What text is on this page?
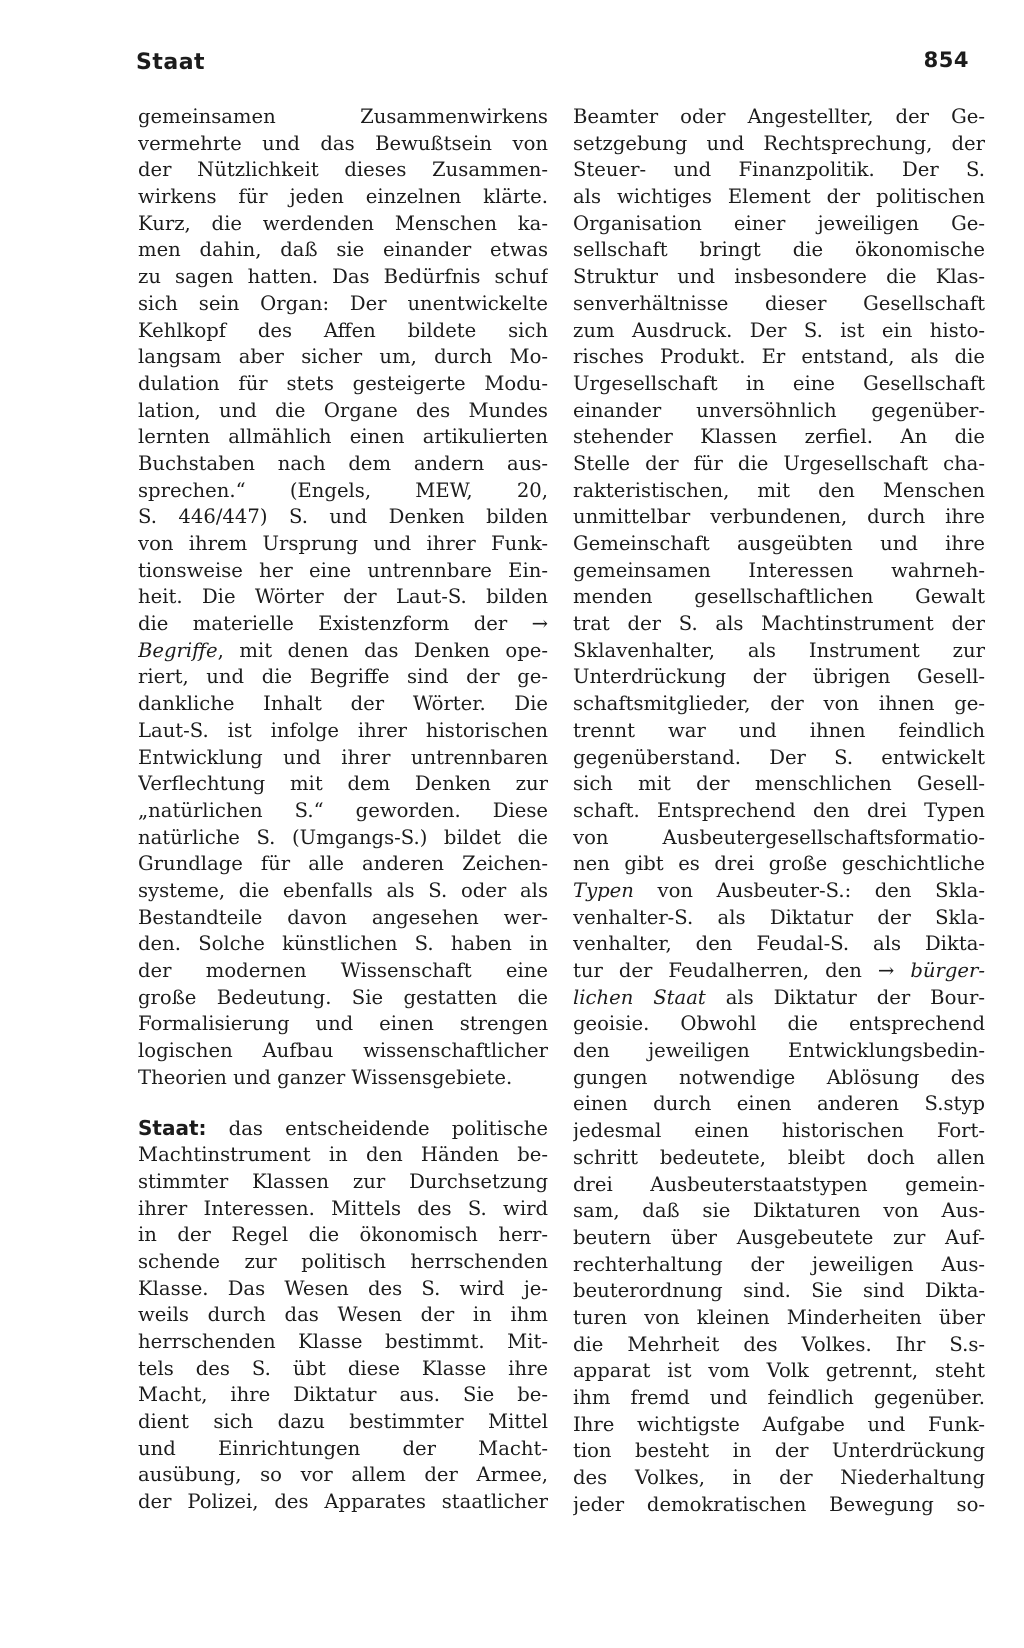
Staat	854
gemeinsamen Zusammenwirkens
vermehrte und das Bewußtsein von
der Nützlichkeit dieses Zusammen-
wirkens für jeden einzelnen klärte.
Kurz, die werdenden Menschen ka-
men dahin, daß sie einander etwas
zu sagen hatten. Das Bedürfnis schuf
sich sein Organ: Der unentwickelte
Kehlkopf des Affen bildete sich
langsam aber sicher um, durch Mo-
dulation für stets gesteigerte Modu-
lation, und die Organe des Mundes
lernten allmählich einen artikulierten
Buchstaben nach dem andern aus-
sprechen.“ (Engels, MEW, 20,
S. 446/447) S. und Denken bilden
von ihrem Ursprung und ihrer Funk-
tionsweise her eine untrennbare Ein-
heit. Die Wörter der Laut-S. bilden
die materielle Existenzform der →
Begriffe, mit denen das Denken ope-
riert, und die Begriffe sind der ge-
dankliche Inhalt der Wörter. Die
Laut-S. ist infolge ihrer historischen
Entwicklung und ihrer untrennbaren
Verflechtung mit dem Denken zur
„natürlichen S.“ geworden. Diese
natürliche S. (Umgangs-S.) bildet die
Grundlage für alle anderen Zeichen-
systeme, die ebenfalls als S. oder als
Bestandteile davon angesehen wer-
den. Solche künstlichen S. haben in
der modernen Wissenschaft eine
große Bedeutung. Sie gestatten die
Formalisierung und einen strengen
logischen Aufbau wissenschaftlicher
Theorien und ganzer Wissensgebiete.
Staat: das entscheidende politische
Machtinstrument in den Händen be-
stimmter Klassen zur Durchsetzung
ihrer Interessen. Mittels des S. wird
in der Regel die ökonomisch herr-
schende zur politisch herrschenden
Klasse. Das Wesen des S. wird je-
weils durch das Wesen der in ihm
herrschenden Klasse bestimmt. Mit-
tels des S. übt diese Klasse ihre
Macht, ihre Diktatur aus. Sie be-
dient sich dazu bestimmter Mittel
und Einrichtungen der Macht-
ausübung, so vor allem der Armee,
der Polizei, des Apparates staatlicher
Beamter oder Angestellter, der Ge-
setzgebung und Rechtsprechung, der
Steuer- und Finanzpolitik. Der S.
als wichtiges Element der politischen
Organisation einer jeweiligen Ge-
sellschaft bringt die ökonomische
Struktur und insbesondere die Klas-
senverhältnisse dieser Gesellschaft
zum Ausdruck. Der S. ist ein histo-
risches Produkt. Er entstand, als die
Urgesellschaft in eine Gesellschaft
einander unversöhnlich gegenüber-
stehender Klassen zerfiel. An die
Stelle der für die Urgesellschaft cha-
rakteristischen, mit den Menschen
unmittelbar verbundenen, durch ihre
Gemeinschaft ausgeübten und ihre
gemeinsamen Interessen wahrneh-
menden gesellschaftlichen Gewalt
trat der S. als Machtinstrument der
Sklavenhalter, als Instrument zur
Unterdrückung der übrigen Gesell-
schaftsmitglieder, der von ihnen ge-
trennt war und ihnen feindlich
gegenüberstand. Der S. entwickelt
sich mit der menschlichen Gesell-
schaft. Entsprechend den drei Typen
von Ausbeutergesellschaftsformatio-
nen gibt es drei große geschichtliche
Typen von Ausbeuter-S.: den Skla-
venhalter-S. als Diktatur der Skla-
venhalter, den Feudal-S. als Dikta-
tur der Feudalherren, den → bürger-
lichen Staat als Diktatur der Bour-
geoisie. Obwohl die entsprechend
den jeweiligen Entwicklungsbedin-
gungen notwendige Ablösung des
einen durch einen anderen S.styp
jedesmal einen historischen Fort-
schritt bedeutete, bleibt doch allen
drei Ausbeuterstaatstypen gemein-
sam, daß sie Diktaturen von Aus-
beutern über Ausgebeutete zur Auf-
rechterhaltung der jeweiligen Aus-
beuterordnung sind. Sie sind Dikta-
turen von kleinen Minderheiten über
die Mehrheit des Volkes. Ihr S.s-
apparat ist vom Volk getrennt, steht
ihm fremd und feindlich gegenüber.
Ihre wichtigste Aufgabe und Funk-
tion besteht in der Unterdrückung
des Volkes, in der Niederhaltung
jeder demokratischen Bewegung so-
